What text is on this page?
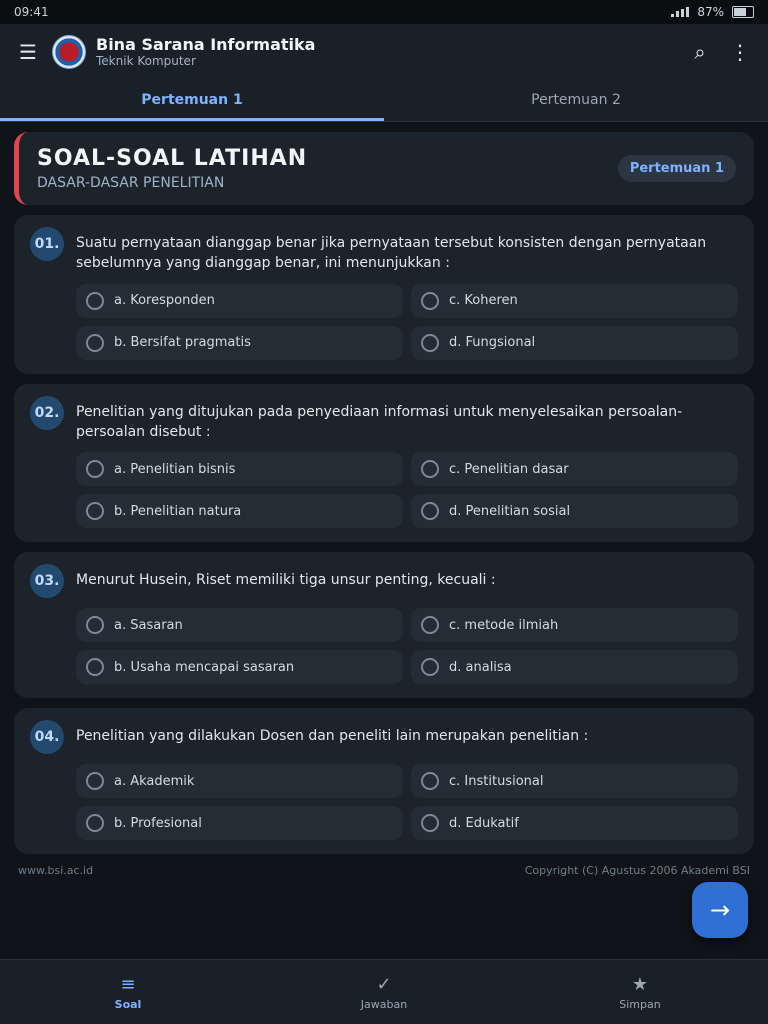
09:41	87%
☰	Bina Sarana Informatika
Teknik Komputer	⌕	⋮
Pertemuan 1	Pertemuan 2
SOAL-SOAL LATIHAN
DASAR-DASAR PENELITIAN
Pertemuan 1
01.	Suatu pernyataan dianggap benar jika pernyataan tersebut konsisten dengan pernyataan sebelumnya yang dianggap benar, ini menunjukkan :
a. Koresponden	c. Koheren
b. Bersifat pragmatis	d. Fungsional
02.	Penelitian yang ditujukan pada penyediaan informasi untuk menyelesaikan persoalan-persoalan disebut :
a. Penelitian bisnis	c. Penelitian dasar
b. Penelitian natura	d. Penelitian sosial
03.	Menurut Husein, Riset memiliki tiga unsur penting, kecuali :
a. Sasaran	c. metode ilmiah
b. Usaha mencapai sasaran	d. analisa
04.	Penelitian yang dilakukan Dosen dan peneliti lain merupakan penelitian :
a. Akademik	c. Institusional
b. Profesional	d. Edukatif
www.bsi.ac.id	Copyright (C) Agustus 2006 Akademi BSI
→
≡
Soal
✓
Jawaban
★
Simpan
